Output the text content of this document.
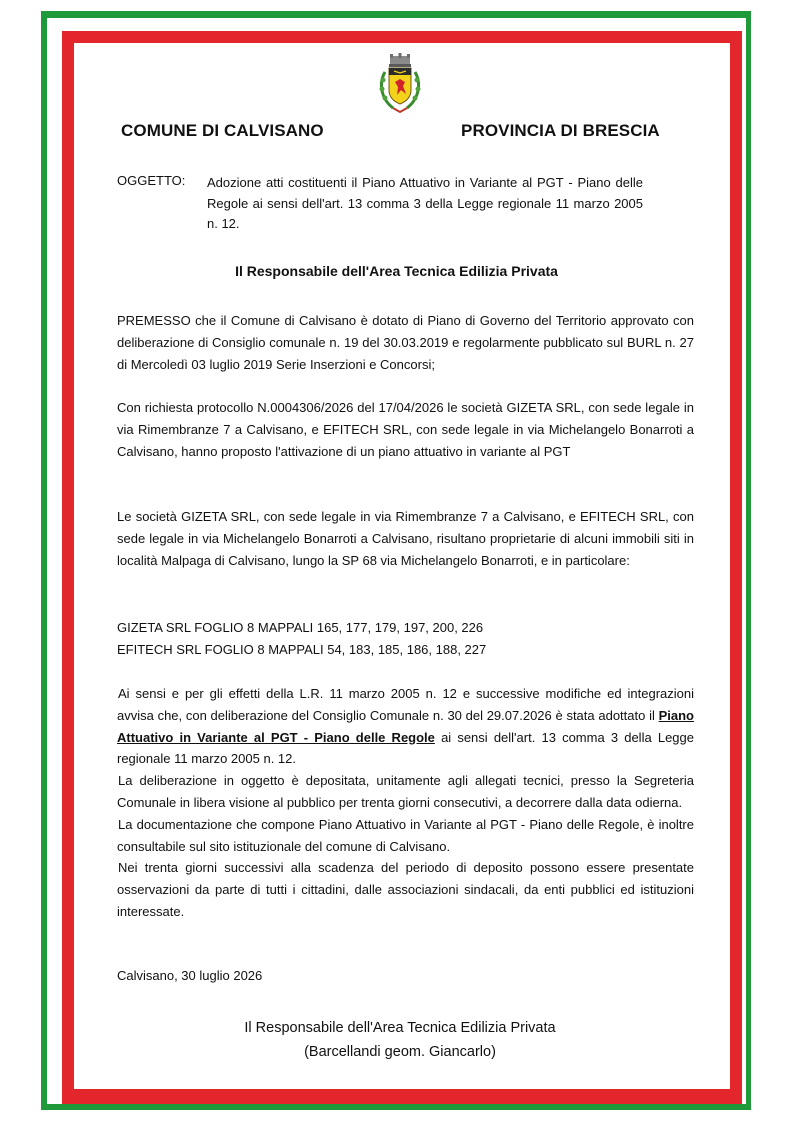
COMUNE DI CALVISANO	PROVINCIA DI BRESCIA
OGGETTO: Adozione atti costituenti il Piano Attuativo in Variante al PGT - Piano delle Regole ai sensi dell'art. 13 comma 3 della Legge regionale 11 marzo 2005 n. 12.
Il Responsabile dell'Area Tecnica Edilizia Privata

PREMESSO che il Comune di Calvisano è dotato di Piano di Governo del Territorio approvato con deliberazione di Consiglio comunale n. 19 del 30.03.2019 e regolarmente pubblicato sul BURL n. 27 di Mercoledì 03 luglio 2019 Serie Inserzioni e Concorsi;

Con richiesta protocollo N.0004306/2026 del 17/04/2026 le società GIZETA SRL, con sede legale in via Rimembranze 7 a Calvisano, e EFITECH SRL, con sede legale in via Michelangelo Bonarroti a Calvisano, hanno proposto l'attivazione di un piano attuativo in variante al PGT

Le società GIZETA SRL, con sede legale in via Rimembranze 7 a Calvisano, e EFITECH SRL, con sede legale in via Michelangelo Bonarroti a Calvisano, risultano proprietarie di alcuni immobili siti in località Malpaga di Calvisano, lungo la SP 68 via Michelangelo Bonarroti, e in particolare:

GIZETA SRL FOGLIO 8 MAPPALI 165, 177, 179, 197, 200, 226
EFITECH SRL FOGLIO 8 MAPPALI 54, 183, 185, 186, 188, 227
Ai sensi e per gli effetti della L.R. 11 marzo 2005 n. 12 e successive modifiche ed integrazioni avvisa che, con deliberazione del Consiglio Comunale n. 30 del 29.07.2026 è stata adottato il Piano Attuativo in Variante al PGT - Piano delle Regole ai sensi dell'art. 13 comma 3 della Legge regionale 11 marzo 2005 n. 12.
La deliberazione in oggetto è depositata, unitamente agli allegati tecnici, presso la Segreteria Comunale in libera visione al pubblico per trenta giorni consecutivi, a decorrere dalla data odierna.
La documentazione che compone Piano Attuativo in Variante al PGT - Piano delle Regole, è inoltre consultabile sul sito istituzionale del comune di Calvisano.
Nei trenta giorni successivi alla scadenza del periodo di deposito possono essere presentate osservazioni da parte di tutti i cittadini, dalle associazioni sindacali, da enti pubblici ed istituzioni interessate.
Calvisano, 30 luglio 2026
Il Responsabile dell'Area Tecnica Edilizia Privata
(Barcellandi geom. Giancarlo)
